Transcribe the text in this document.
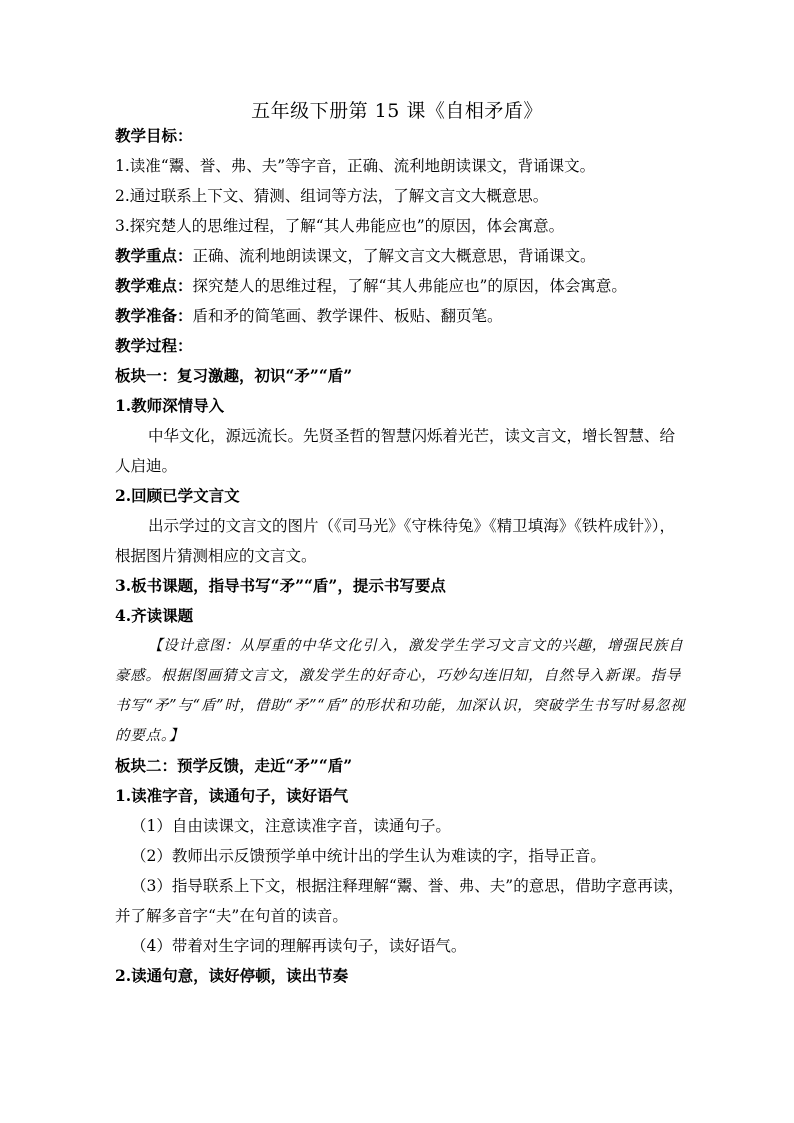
五年级下册第 15 课《自相矛盾》

教学目标：

1.读准“鬻、誉、弗、夫”等字音，正确、流利地朗读课文，背诵课文。

2.通过联系上下文、猜测、组词等方法，了解文言文大概意思。

3.探究楚人的思维过程，了解“其人弗能应也”的原因，体会寓意。

教学重点：正确、流利地朗读课文，了解文言文大概意思，背诵课文。

教学难点：探究楚人的思维过程，了解“其人弗能应也”的原因，体会寓意。

教学准备：盾和矛的简笔画、教学课件、板贴、翻页笔。

教学过程：

板块一：复习激趣，初识“矛”“盾”

1.教师深情导入

中华文化，源远流长。先贤圣哲的智慧闪烁着光芒，读文言文，增长智慧、给人启迪。

2.回顾已学文言文

出示学过的文言文的图片（《司马光》《守株待兔》《精卫填海》《铁杵成针》），根据图片猜测相应的文言文。

3.板书课题，指导书写“矛”“盾”，提示书写要点

4.齐读课题

【设计意图：从厚重的中华文化引入，激发学生学习文言文的兴趣，增强民族自豪感。根据图画猜文言文，激发学生的好奇心，巧妙勾连旧知，自然导入新课。指导书写“矛”与“盾”时，借助“矛”“盾”的形状和功能，加深认识，突破学生书写时易忽视的要点。】

板块二：预学反馈，走近“矛”“盾”

1.读准字音，读通句子，读好语气

（1）自由读课文，注意读准字音，读通句子。

（2）教师出示反馈预学单中统计出的学生认为难读的字，指导正音。

（3）指导联系上下文，根据注释理解“鬻、誉、弗、夫”的意思，借助字意再读，并了解多音字“夫”在句首的读音。

（4）带着对生字词的理解再读句子，读好语气。

2.读通句意，读好停顿，读出节奏
